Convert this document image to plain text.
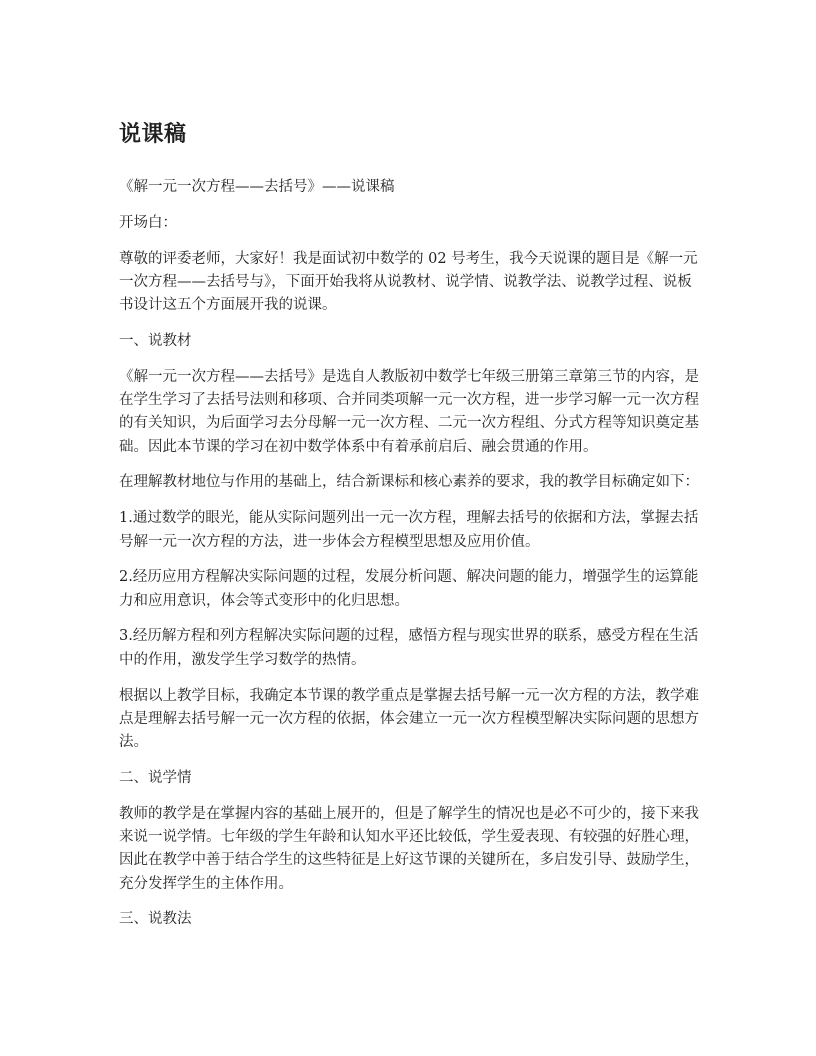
说课稿

《解一元一次方程——去括号》——说课稿

开场白：

尊敬的评委老师，大家好！我是面试初中数学的 02 号考生，我今天说课的题目是《解一元一次方程——去括号与》，下面开始我将从说教材、说学情、说教学法、说教学过程、说板书设计这五个方面展开我的说课。

一、说教材

《解一元一次方程——去括号》是选自人教版初中数学七年级三册第三章第三节的内容，是在学生学习了去括号法则和移项、合并同类项解一元一次方程，进一步学习解一元一次方程的有关知识，为后面学习去分母解一元一次方程、二元一次方程组、分式方程等知识奠定基础。因此本节课的学习在初中数学体系中有着承前启后、融会贯通的作用。

在理解教材地位与作用的基础上，结合新课标和核心素养的要求，我的教学目标确定如下：

1.通过数学的眼光，能从实际问题列出一元一次方程，理解去括号的依据和方法，掌握去括号解一元一次方程的方法，进一步体会方程模型思想及应用价值。

2.经历应用方程解决实际问题的过程，发展分析问题、解决问题的能力，增强学生的运算能力和应用意识，体会等式变形中的化归思想。

3.经历解方程和列方程解决实际问题的过程，感悟方程与现实世界的联系，感受方程在生活中的作用，激发学生学习数学的热情。

根据以上教学目标，我确定本节课的教学重点是掌握去括号解一元一次方程的方法，教学难点是理解去括号解一元一次方程的依据，体会建立一元一次方程模型解决实际问题的思想方法。

二、说学情

教师的教学是在掌握内容的基础上展开的，但是了解学生的情况也是必不可少的，接下来我来说一说学情。七年级的学生年龄和认知水平还比较低，学生爱表现、有较强的好胜心理，因此在教学中善于结合学生的这些特征是上好这节课的关键所在，多启发引导、鼓励学生，充分发挥学生的主体作用。

三、说教法
